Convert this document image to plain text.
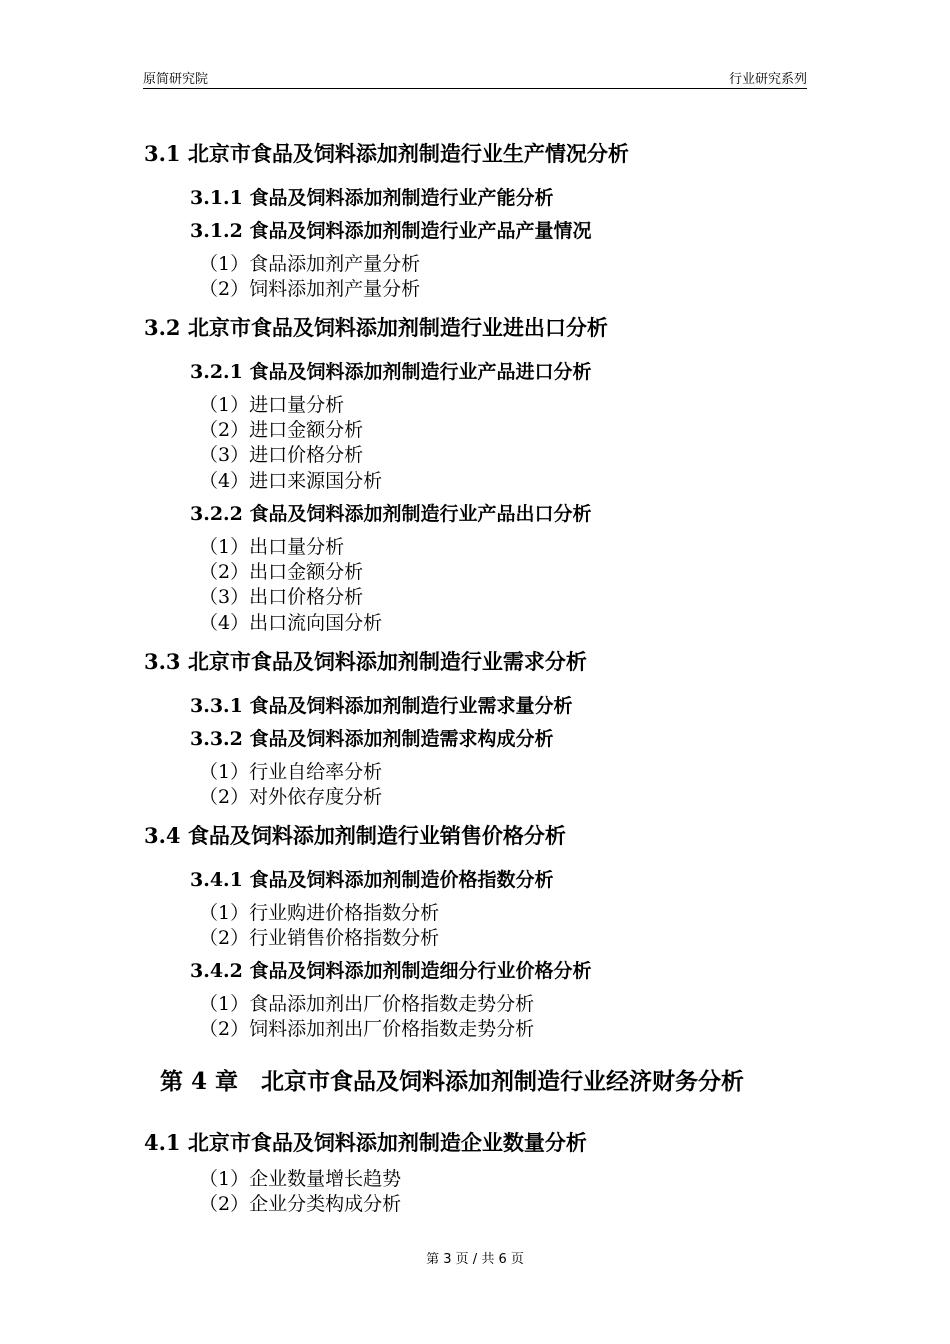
原简研究院	行业研究系列
3.1 北京市食品及饲料添加剂制造行业生产情况分析
3.1.1 食品及饲料添加剂制造行业产能分析
3.1.2 食品及饲料添加剂制造行业产品产量情况
（1）食品添加剂产量分析
（2）饲料添加剂产量分析
3.2 北京市食品及饲料添加剂制造行业进出口分析
3.2.1 食品及饲料添加剂制造行业产品进口分析
（1）进口量分析
（2）进口金额分析
（3）进口价格分析
（4）进口来源国分析
3.2.2 食品及饲料添加剂制造行业产品出口分析
（1）出口量分析
（2）出口金额分析
（3）出口价格分析
（4）出口流向国分析
3.3 北京市食品及饲料添加剂制造行业需求分析
3.3.1 食品及饲料添加剂制造行业需求量分析
3.3.2 食品及饲料添加剂制造需求构成分析
（1）行业自给率分析
（2）对外依存度分析
3.4 食品及饲料添加剂制造行业销售价格分析
3.4.1 食品及饲料添加剂制造价格指数分析
（1）行业购进价格指数分析
（2）行业销售价格指数分析
3.4.2 食品及饲料添加剂制造细分行业价格分析
（1）食品添加剂出厂价格指数走势分析
（2）饲料添加剂出厂价格指数走势分析
第 4 章　北京市食品及饲料添加剂制造行业经济财务分析
4.1 北京市食品及饲料添加剂制造企业数量分析
（1）企业数量增长趋势
（2）企业分类构成分析
第 3 页 / 共 6 页
